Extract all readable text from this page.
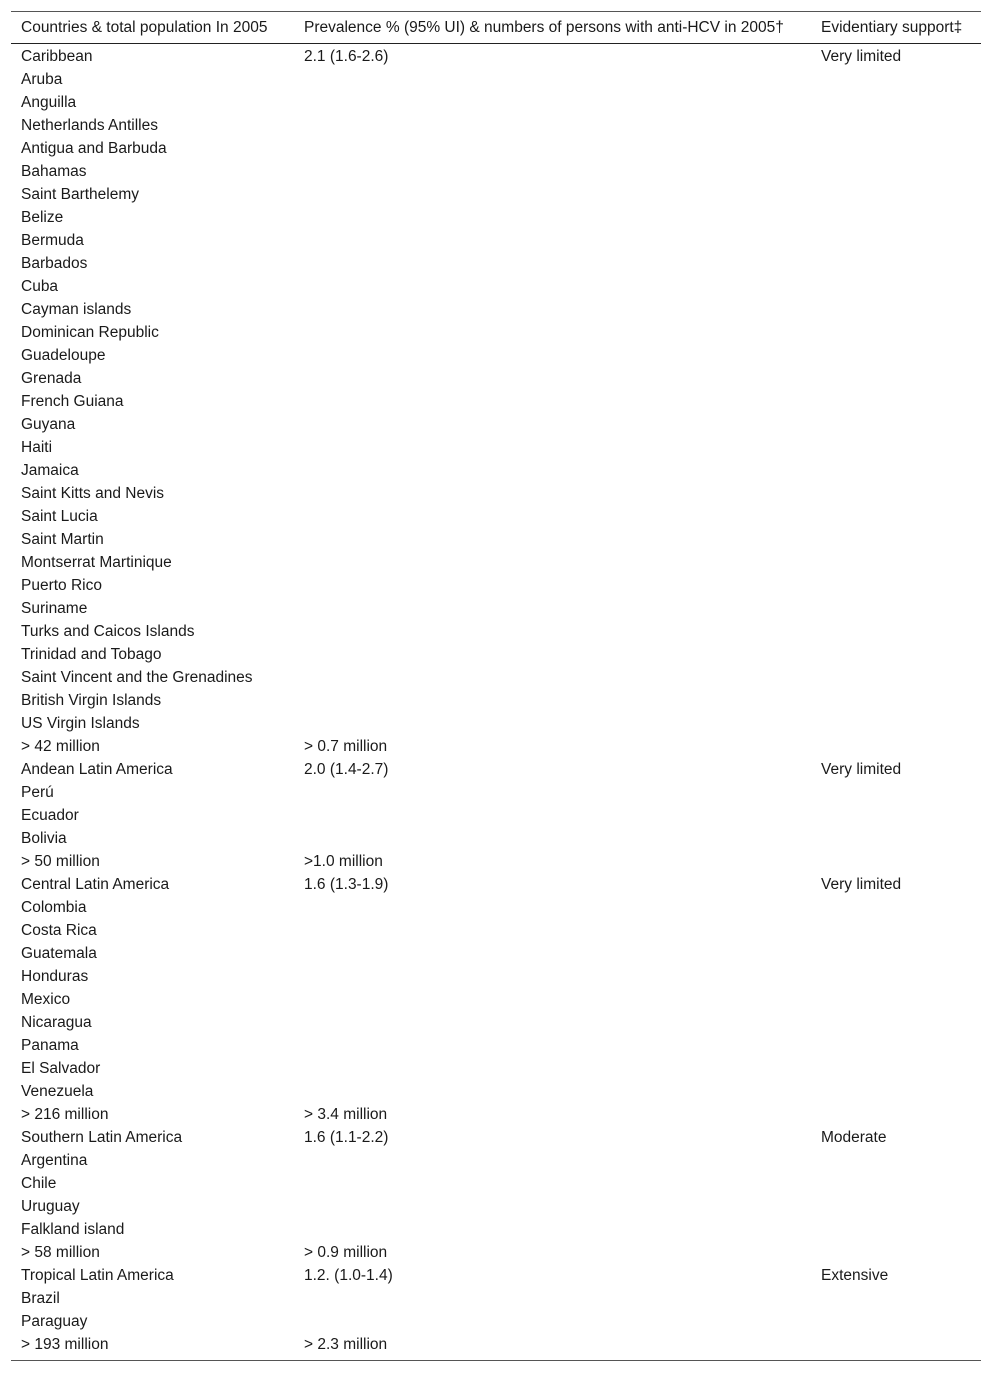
Countries & total population In 2005	Prevalence % (95% UI) & numbers of persons with anti-HCV in 2005†	Evidentiary support‡
Caribbean	2.1 (1.6-2.6)	Very limited
Aruba		
Anguilla		
Netherlands Antilles		
Antigua and Barbuda		
Bahamas		
Saint Barthelemy		
Belize		
Bermuda		
Barbados		
Cuba		
Cayman islands		
Dominican Republic		
Guadeloupe		
Grenada		
French Guiana		
Guyana		
Haiti		
Jamaica		
Saint Kitts and Nevis		
Saint Lucia		
Saint Martin		
Montserrat Martinique		
Puerto Rico		
Suriname		
Turks and Caicos Islands		
Trinidad and Tobago		
Saint Vincent and the Grenadines		
British Virgin Islands		
US Virgin Islands		
> 42 million	> 0.7 million	
Andean Latin America	2.0 (1.4-2.7)	Very limited
Perú		
Ecuador		
Bolivia		
> 50 million	>1.0 million	
Central Latin America	1.6 (1.3-1.9)	Very limited
Colombia		
Costa Rica		
Guatemala		
Honduras		
Mexico		
Nicaragua		
Panama		
El Salvador		
Venezuela		
> 216 million	> 3.4 million	
Southern Latin America	1.6 (1.1-2.2)	Moderate
Argentina		
Chile		
Uruguay		
Falkland island		
> 58 million	> 0.9 million	
Tropical Latin America	1.2. (1.0-1.4)	Extensive
Brazil		
Paraguay		
> 193 million	> 2.3 million	
